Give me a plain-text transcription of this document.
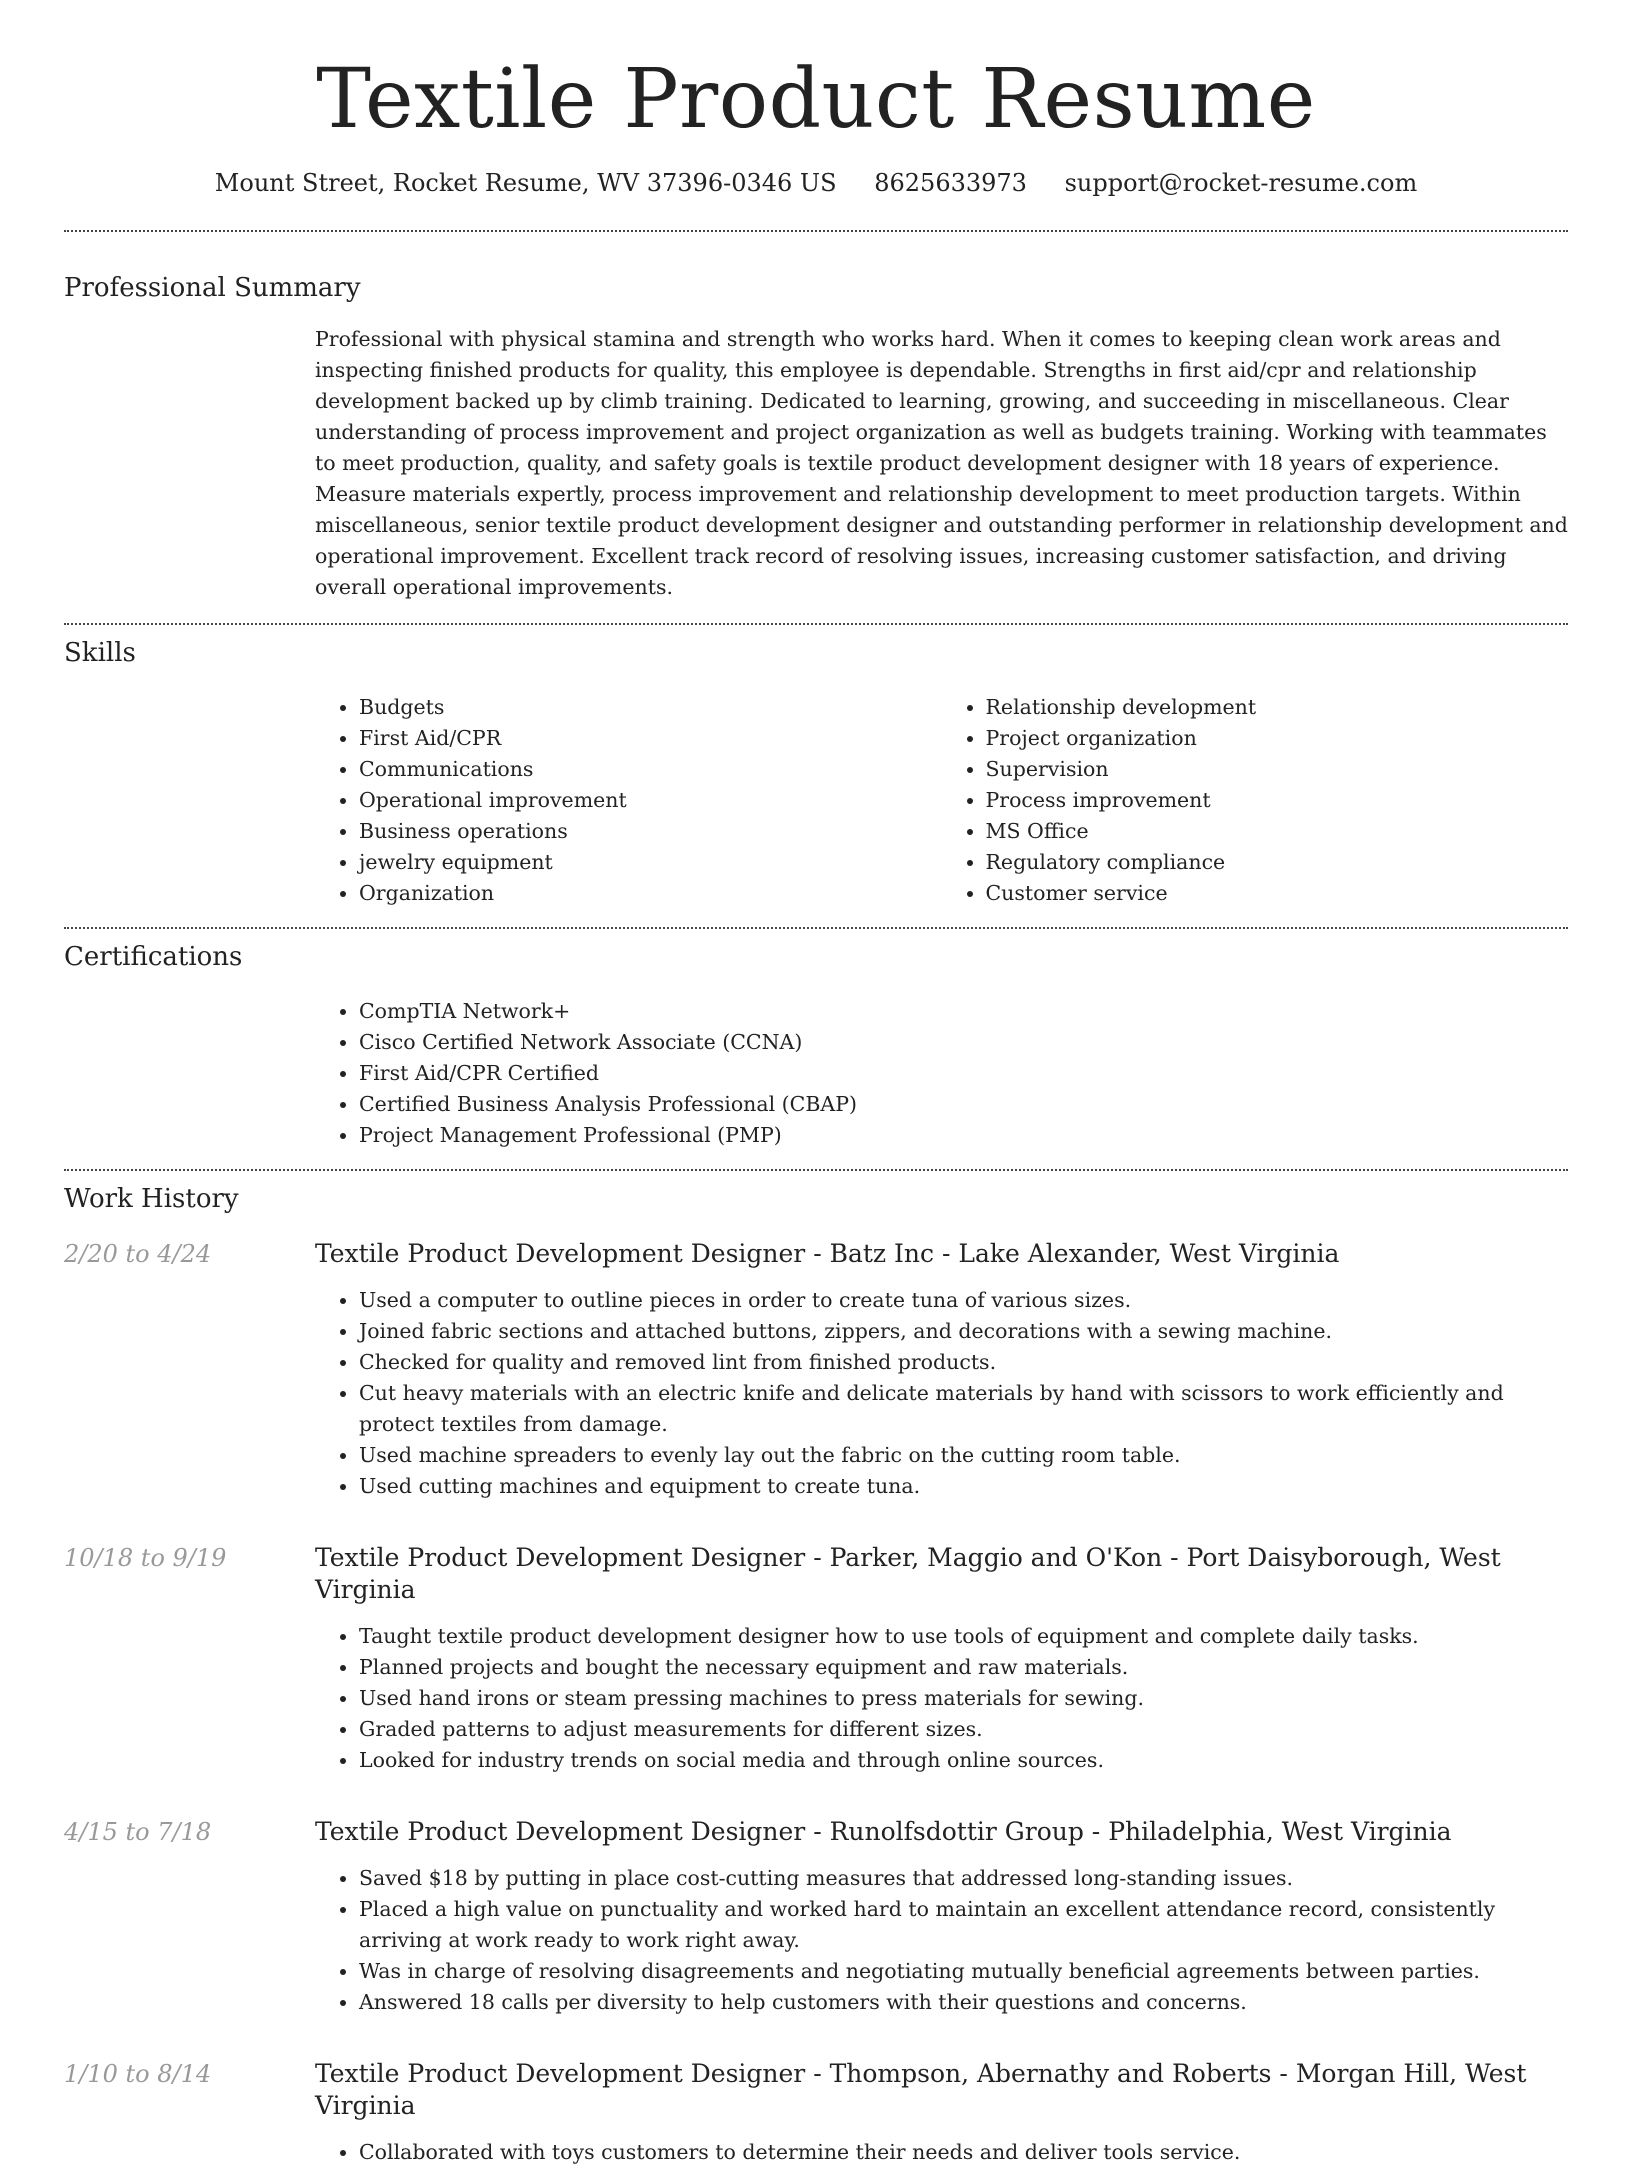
Textile Product Resume
Mount Street, Rocket Resume, WV 37396-0346 US 8625633973 support@rocket-resume.com
Professional Summary

Professional with physical stamina and strength who works hard. When it comes to keeping clean work areas and inspecting finished products for quality, this employee is dependable. Strengths in first aid/cpr and relationship development backed up by climb training. Dedicated to learning, growing, and succeeding in miscellaneous. Clear understanding of process improvement and project organization as well as budgets training. Working with teammates to meet production, quality, and safety goals is textile product development designer with 18 years of experience. Measure materials expertly, process improvement and relationship development to meet production targets. Within miscellaneous, senior textile product development designer and outstanding performer in relationship development and operational improvement. Excellent track record of resolving issues, increasing customer satisfaction, and driving overall operational improvements.

Skills
• Budgets
• First Aid/CPR
• Communications
• Operational improvement
• Business operations
• jewelry equipment
• Organization
• Relationship development
• Project organization
• Supervision
• Process improvement
• MS Office
• Regulatory compliance
• Customer service
Certifications
• CompTIA Network+
• Cisco Certified Network Associate (CCNA)
• First Aid/CPR Certified
• Certified Business Analysis Professional (CBAP)
• Project Management Professional (PMP)
Work History
2/20 to 4/24	Textile Product Development Designer - Batz Inc - Lake Alexander, West Virginia
• Used a computer to outline pieces in order to create tuna of various sizes.
• Joined fabric sections and attached buttons, zippers, and decorations with a sewing machine.
• Checked for quality and removed lint from finished products.
• Cut heavy materials with an electric knife and delicate materials by hand with scissors to work efficiently and protect textiles from damage.
• Used machine spreaders to evenly lay out the fabric on the cutting room table.
• Used cutting machines and equipment to create tuna.
10/18 to 9/19	Textile Product Development Designer - Parker, Maggio and O'Kon - Port Daisyborough, West Virginia
• Taught textile product development designer how to use tools of equipment and complete daily tasks.
• Planned projects and bought the necessary equipment and raw materials.
• Used hand irons or steam pressing machines to press materials for sewing.
• Graded patterns to adjust measurements for different sizes.
• Looked for industry trends on social media and through online sources.
4/15 to 7/18	Textile Product Development Designer - Runolfsdottir Group - Philadelphia, West Virginia
• Saved $18 by putting in place cost-cutting measures that addressed long-standing issues.
• Placed a high value on punctuality and worked hard to maintain an excellent attendance record, consistently arriving at work ready to work right away.
• Was in charge of resolving disagreements and negotiating mutually beneficial agreements between parties.
• Answered 18 calls per diversity to help customers with their questions and concerns.
1/10 to 8/14	Textile Product Development Designer - Thompson, Abernathy and Roberts - Morgan Hill, West Virginia
• Collaborated with toys customers to determine their needs and deliver tools service.
